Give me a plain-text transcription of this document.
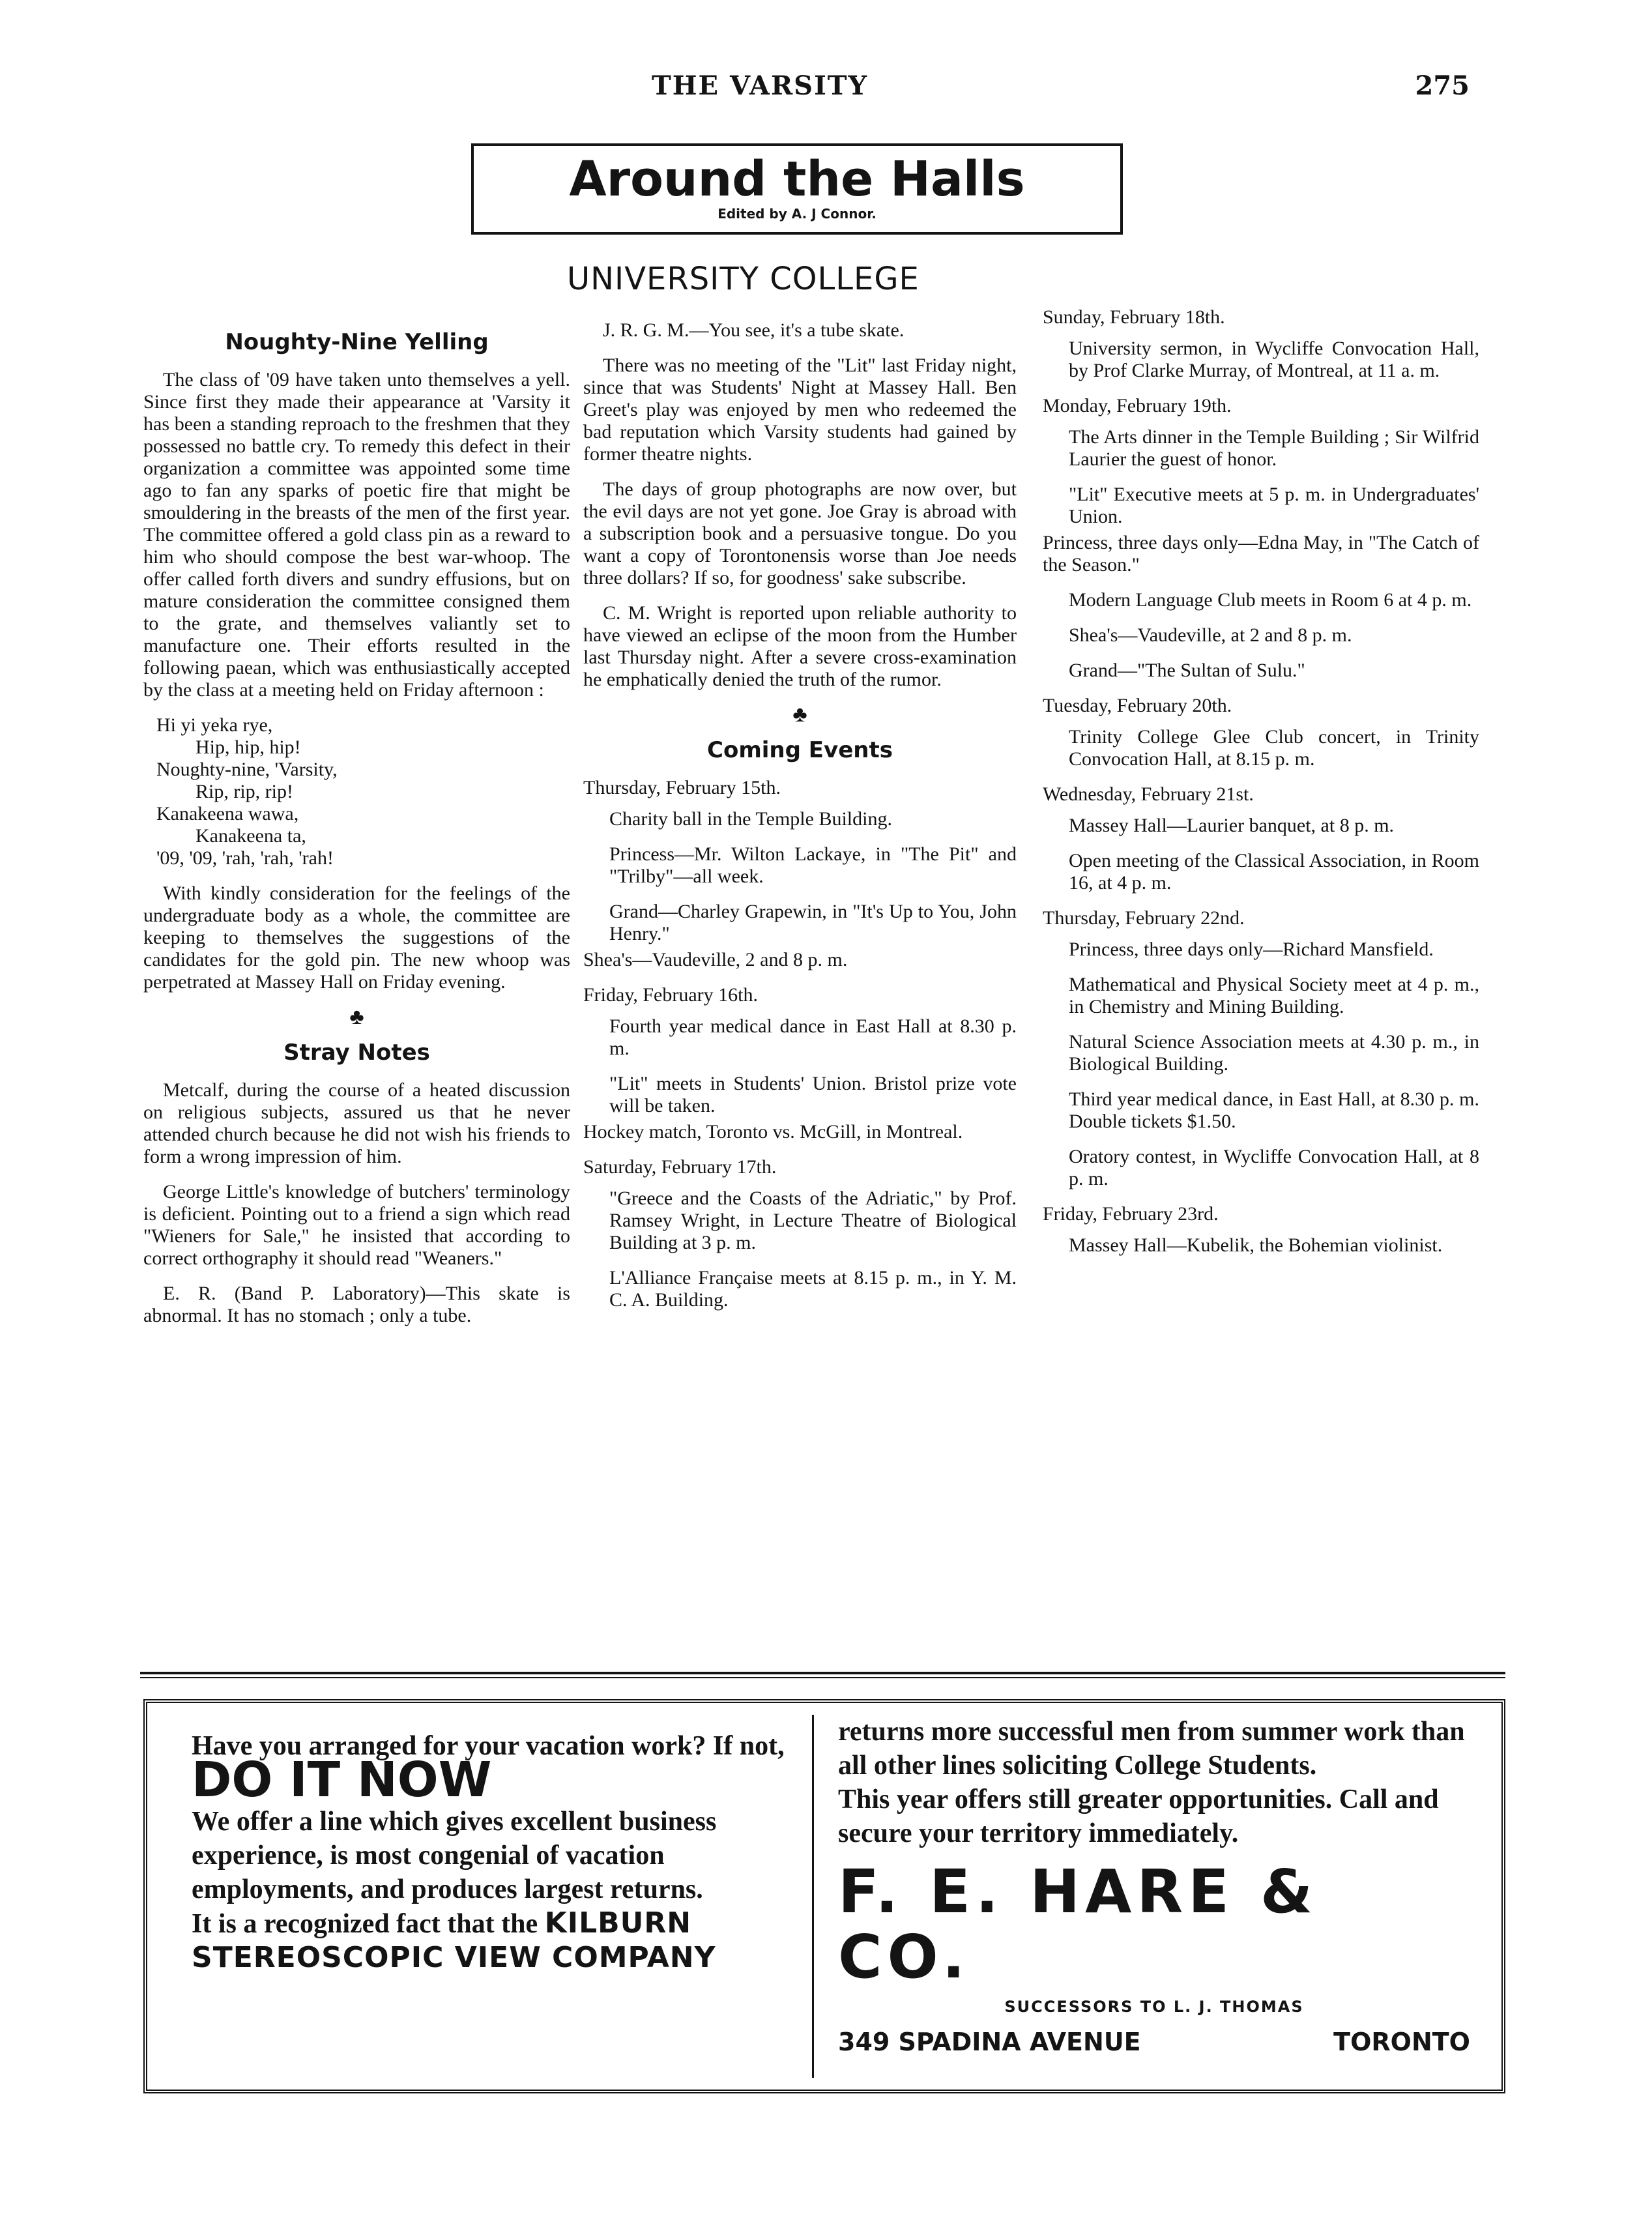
THE VARSITY	275
Around the Halls
Edited by A. J Connor.
UNIVERSITY COLLEGE
Noughty-Nine Yelling

The class of '09 have taken unto themselves a yell. Since first they made their appearance at 'Varsity it has been a standing reproach to the freshmen that they possessed no battle cry. To remedy this defect in their organization a committee was appointed some time ago to fan any sparks of poetic fire that might be smouldering in the breasts of the men of the first year. The committee offered a gold class pin as a reward to him who should compose the best war-whoop. The offer called forth divers and sundry effusions, but on mature consideration the committee consigned them to the grate, and themselves valiantly set to manufacture one. Their efforts resulted in the following paean, which was enthusiastically accepted by the class at a meeting held on Friday afternoon :

Hi yi yeka rye,
Hip, hip, hip!
Noughty-nine, 'Varsity,
Rip, rip, rip!
Kanakeena wawa,
Kanakeena ta,
'09, '09, 'rah, 'rah, 'rah!

With kindly consideration for the feelings of the undergraduate body as a whole, the committee are keeping to themselves the suggestions of the candidates for the gold pin. The new whoop was perpetrated at Massey Hall on Friday evening.

♣
Stray Notes

Metcalf, during the course of a heated discussion on religious subjects, assured us that he never attended church because he did not wish his friends to form a wrong impression of him.

George Little's knowledge of butchers' terminology is deficient. Pointing out to a friend a sign which read "Wieners for Sale," he insisted that according to correct orthography it should read "Weaners."

E. R. (Band P. Laboratory)—This skate is abnormal. It has no stomach ; only a tube.

J. R. G. M.—You see, it's a tube skate.

There was no meeting of the "Lit" last Friday night, since that was Students' Night at Massey Hall. Ben Greet's play was enjoyed by men who redeemed the bad reputation which Varsity students had gained by former theatre nights.

The days of group photographs are now over, but the evil days are not yet gone. Joe Gray is abroad with a subscription book and a persuasive tongue. Do you want a copy of Torontonensis worse than Joe needs three dollars? If so, for goodness' sake subscribe.

C. M. Wright is reported upon reliable authority to have viewed an eclipse of the moon from the Humber last Thursday night. After a severe cross-examination he emphatically denied the truth of the rumor.

♣
Coming Events

Thursday, February 15th.

Charity ball in the Temple Building.

Princess—Mr. Wilton Lackaye, in "The Pit" and "Trilby"—all week.

Grand—Charley Grapewin, in "It's Up to You, John Henry."

Shea's—Vaudeville, 2 and 8 p. m.

Friday, February 16th.

Fourth year medical dance in East Hall at 8.30 p. m.

"Lit" meets in Students' Union. Bristol prize vote will be taken.

Hockey match, Toronto vs. McGill, in Montreal.

Saturday, February 17th.

"Greece and the Coasts of the Adriatic," by Prof. Ramsey Wright, in Lecture Theatre of Biological Building at 3 p. m.

L'Alliance Française meets at 8.15 p. m., in Y. M. C. A. Building.

Sunday, February 18th.

University sermon, in Wycliffe Convocation Hall, by Prof Clarke Murray, of Montreal, at 11 a. m.

Monday, February 19th.

The Arts dinner in the Temple Building ; Sir Wilfrid Laurier the guest of honor.

"Lit" Executive meets at 5 p. m. in Undergraduates' Union.

Princess, three days only—Edna May, in "The Catch of the Season."

Modern Language Club meets in Room 6 at 4 p. m.

Shea's—Vaudeville, at 2 and 8 p. m.

Grand—"The Sultan of Sulu."

Tuesday, February 20th.

Trinity College Glee Club concert, in Trinity Convocation Hall, at 8.15 p. m.

Wednesday, February 21st.

Massey Hall—Laurier banquet, at 8 p. m.

Open meeting of the Classical Association, in Room 16, at 4 p. m.

Thursday, February 22nd.

Princess, three days only—Richard Mansfield.

Mathematical and Physical Society meet at 4 p. m., in Chemistry and Mining Building.

Natural Science Association meets at 4.30 p. m., in Biological Building.

Third year medical dance, in East Hall, at 8.30 p. m. Double tickets $1.50.

Oratory contest, in Wycliffe Convocation Hall, at 8 p. m.

Friday, February 23rd.

Massey Hall—Kubelik, the Bohemian violinist.

Have you arranged for your vacation work? If not, DO IT NOW
We offer a line which gives excellent business experience, is most congenial of vacation employments, and produces largest returns.
It is a recognized fact that the KILBURN STEREOSCOPIC VIEW COMPANY
returns more successful men from summer work than all other lines soliciting College Students.
This year offers still greater opportunities. Call and secure your territory immediately.
F. E. HARE & CO.
SUCCESSORS TO L. J. THOMAS
349 SPADINA AVENUE	TORONTO
